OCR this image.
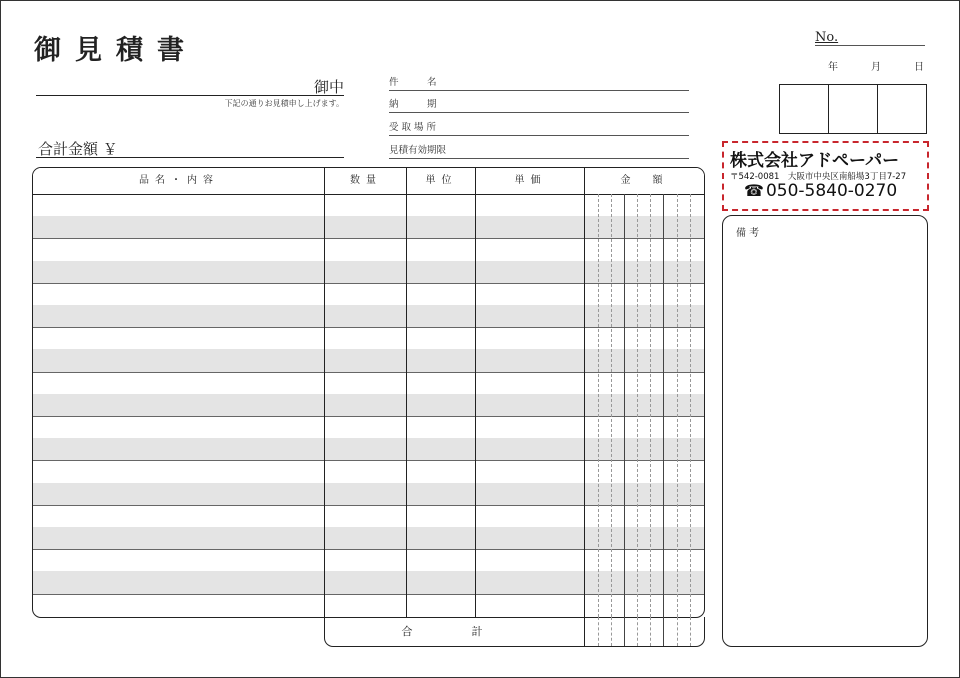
御見積書
御中
下記の通りお見積申し上げます。
合計金額 ￥
件　　　名
納　　　期
受 取 場 所
見積有効期限
No.
年	月	日
株式会社アドペーパー
〒542-0081　大阪市中央区南船場3丁目7-27
☎ 050-5840-0270
備 考
品名・内容	数量	単位	単価	金　額
合　計
